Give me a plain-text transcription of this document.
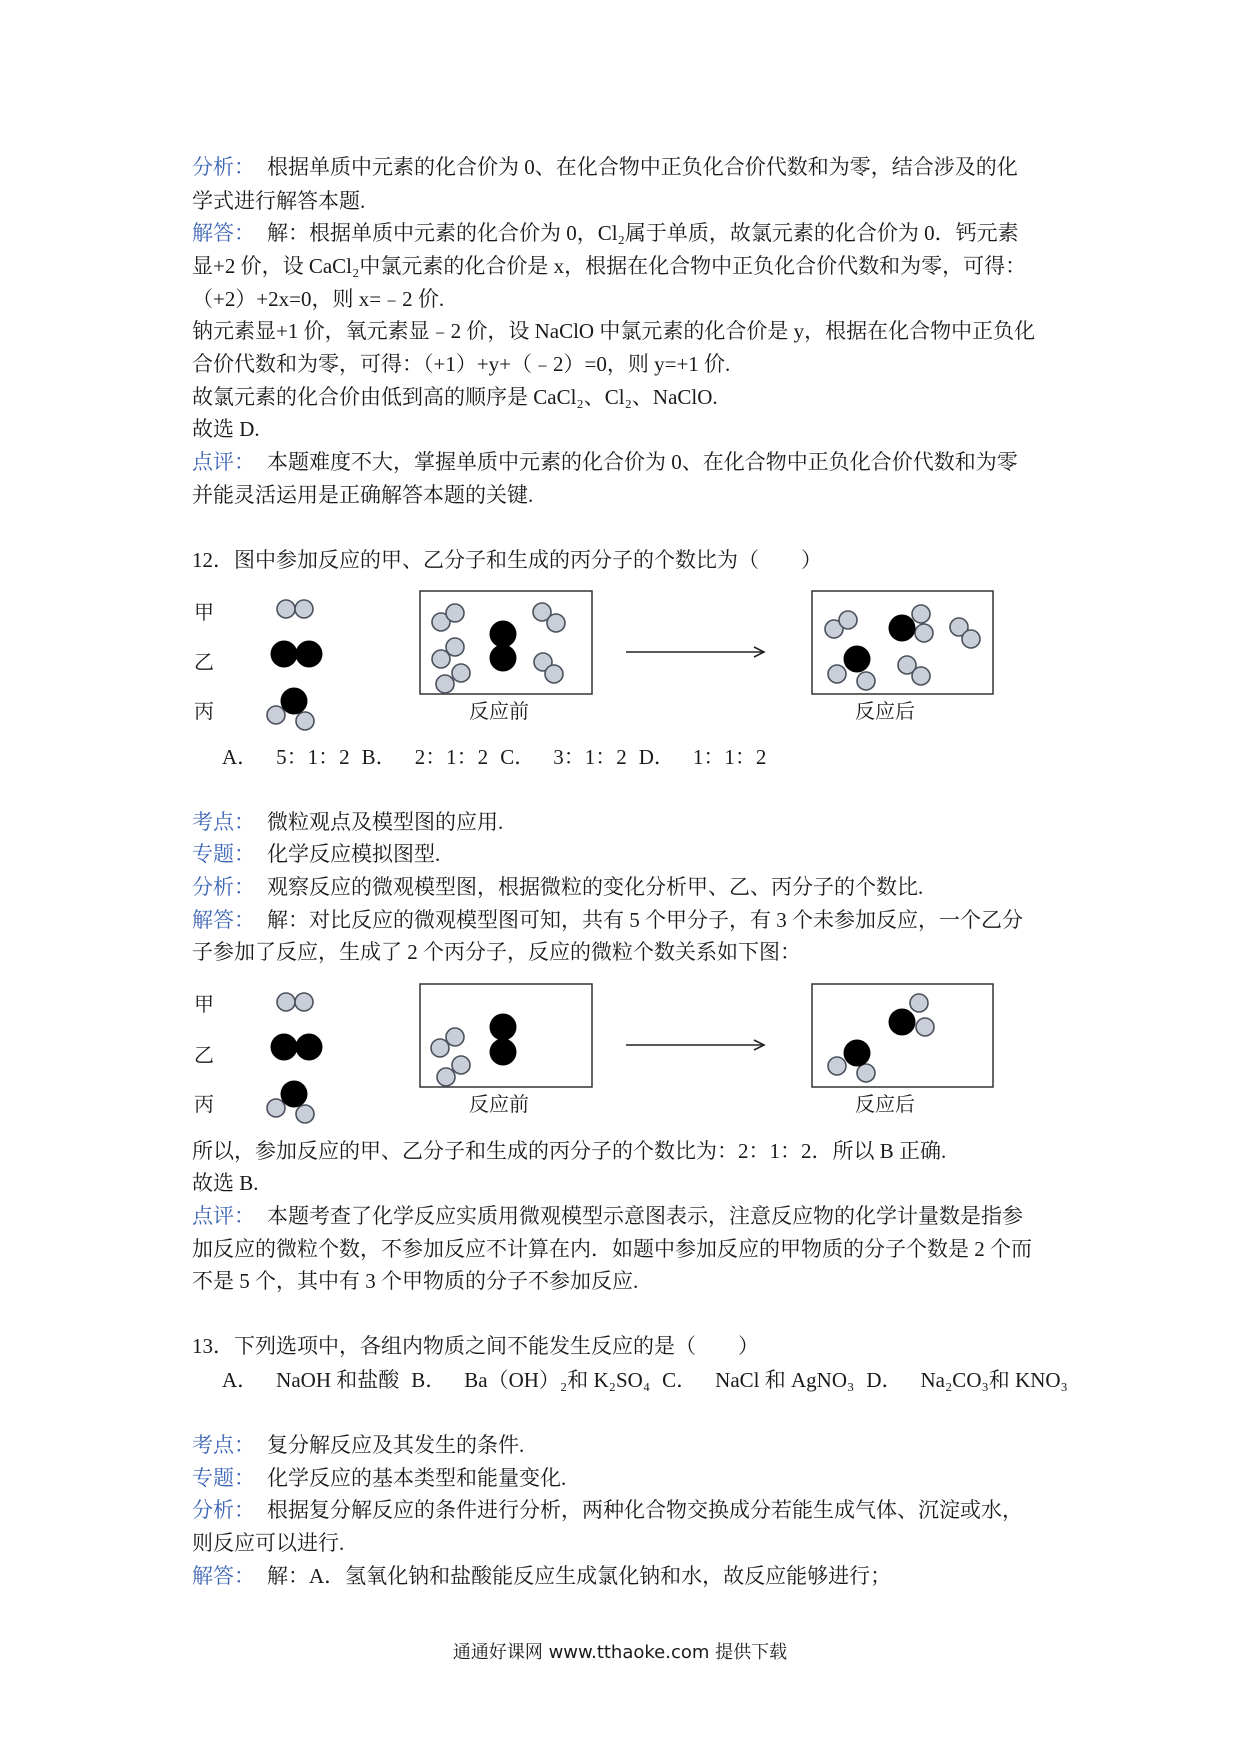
分析： 根据单质中元素的化合价为 0、在化合物中正负化合价代数和为零，结合涉及的化
学式进行解答本题.
解答： 解：根据单质中元素的化合价为 0，Cl₂属于单质，故氯元素的化合价为 0．钙元素
显+2 价，设 CaCl₂中氯元素的化合价是 x，根据在化合物中正负化合价代数和为零，可得：
（+2）+2x=0，则 x=﹣2 价.
钠元素显+1 价，氧元素显﹣2 价，设 NaClO 中氯元素的化合价是 y，根据在化合物中正负化
合价代数和为零，可得：（+1）+y+（﹣2）=0，则 y=+1 价.
故氯元素的化合价由低到高的顺序是 CaCl₂、Cl₂、NaClO.
故选 D.
点评： 本题难度不大，掌握单质中元素的化合价为 0、在化合物中正负化合价代数和为零
并能灵活运用是正确解答本题的关键.
12．图中参加反应的甲、乙分子和生成的丙分子的个数比为（　　）
甲
乙
丙	反应前	反应后
A． 5：1：2 B． 2：1：2 C． 3：1：2 D． 1：1：2
考点： 微粒观点及模型图的应用.
专题： 化学反应模拟图型.
分析： 观察反应的微观模型图，根据微粒的变化分析甲、乙、丙分子的个数比.
解答： 解：对比反应的微观模型图可知，共有 5 个甲分子，有 3 个未参加反应，一个乙分
子参加了反应，生成了 2 个丙分子，反应的微粒个数关系如下图：
甲
乙
丙	反应前	反应后
所以，参加反应的甲、乙分子和生成的丙分子的个数比为：2：1：2．所以 B 正确.
故选 B.
点评： 本题考查了化学反应实质用微观模型示意图表示，注意反应物的化学计量数是指参
加反应的微粒个数，不参加反应不计算在内．如题中参加反应的甲物质的分子个数是 2 个而
不是 5 个，其中有 3 个甲物质的分子不参加反应.
13．下列选项中，各组内物质之间不能发生反应的是（　　）
A． NaOH 和盐酸 B． Ba（OH）₂和 K₂SO₄ C． NaCl 和 AgNO₃ D． Na₂CO₃和 KNO₃
考点： 复分解反应及其发生的条件.
专题： 化学反应的基本类型和能量变化.
分析： 根据复分解反应的条件进行分析，两种化合物交换成分若能生成气体、沉淀或水，
则反应可以进行.
解答： 解：A．氢氧化钠和盐酸能反应生成氯化钠和水，故反应能够进行；
通通好课网 www.tthaoke.com 提供下载
